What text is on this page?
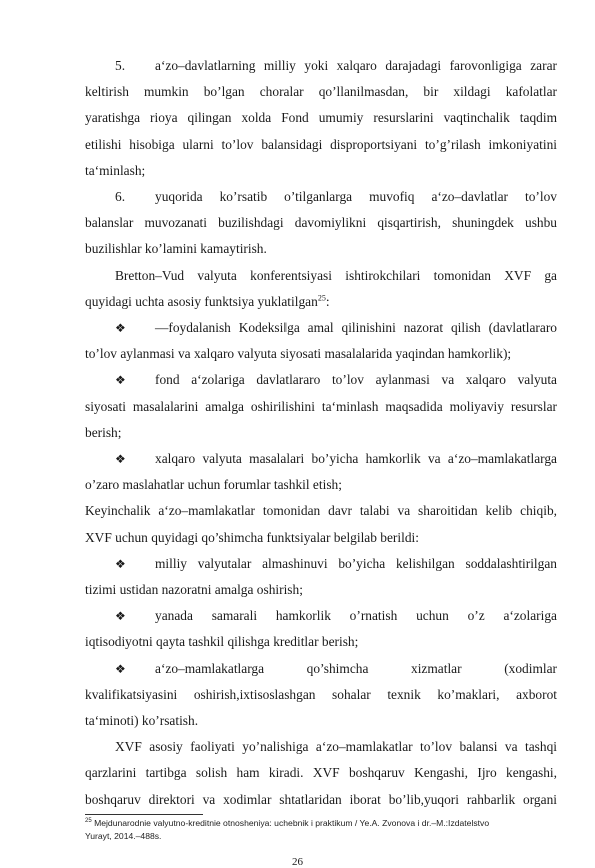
5. a‘zo–davlatlarning milliy yoki xalqaro darajadagi farovonligiga zarar
keltirish mumkin bo’lgan choralar qo’llanilmasdan, bir xildagi kafolatlar
yaratishga rioya qilingan xolda Fond umumiy resurslarini vaqtinchalik taqdim
etilishi hisobiga ularni to’lov balansidagi disproportsiyani to’g’rilash imkoniyatini
ta‘minlash;
6. yuqorida ko’rsatib o’tilganlarga muvofiq a‘zo–davlatlar to’lov
balanslar muvozanati buzilishdagi davomiylikni qisqartirish, shuningdek ushbu
buzilishlar ko’lamini kamaytirish.
Bretton–Vud valyuta konferentsiyasi ishtirokchilari tomonidan XVF ga
quyidagi uchta asosiy funktsiya yuklatilgan$^{25}$:
❖ ―foydalanish Kodeksi‖ga amal qilinishini nazorat qilish (davlatlararo
to’lov aylanmasi va xalqaro valyuta siyosati masalalarida yaqindan hamkorlik);
❖ fond a‘zolariga davlatlararo to’lov aylanmasi va xalqaro valyuta
siyosati masalalarini amalga oshirilishini ta‘minlash maqsadida moliyaviy resurslar
berish;
❖ xalqaro valyuta masalalari bo’yicha hamkorlik va a‘zo–mamlakatlarga
o’zaro maslahatlar uchun forumlar tashkil etish;
Keyinchalik a‘zo–mamlakatlar tomonidan davr talabi va sharoitidan kelib chiqib,
XVF uchun quyidagi qo’shimcha funktsiyalar belgilab berildi:
❖ milliy valyutalar almashinuvi bo’yicha kelishilgan soddalashtirilgan
tizimi ustidan nazoratni amalga oshirish;
❖ yanada samarali hamkorlik o’rnatish uchun o’z a‘zolariga
iqtisodiyotni qayta tashkil qilishga kreditlar berish;
❖ a‘zo–mamlakatlarga qo’shimcha xizmatlar (xodimlar
kvalifikatsiyasini oshirish,ixtisoslashgan sohalar texnik ko’maklari, axborot
ta‘minoti) ko’rsatish.
XVF asosiy faoliyati yo’nalishiga a‘zo–mamlakatlar to’lov balansi va tashqi
qarzlarini tartibga solish ham kiradi. XVF boshqaruv Kengashi, Ijro kengashi,
boshqaruv direktori va xodimlar shtatlaridan iborat bo’lib,yuqori rahbarlik organi
$^{25}$ Mejdunarodnie valyutno-kreditnie otnosheniya: uchebnik i praktikum / Ye.A. Zvonova i dr.–M.:Izdatelstvo
Yurayt, 2014.–488s.
26
